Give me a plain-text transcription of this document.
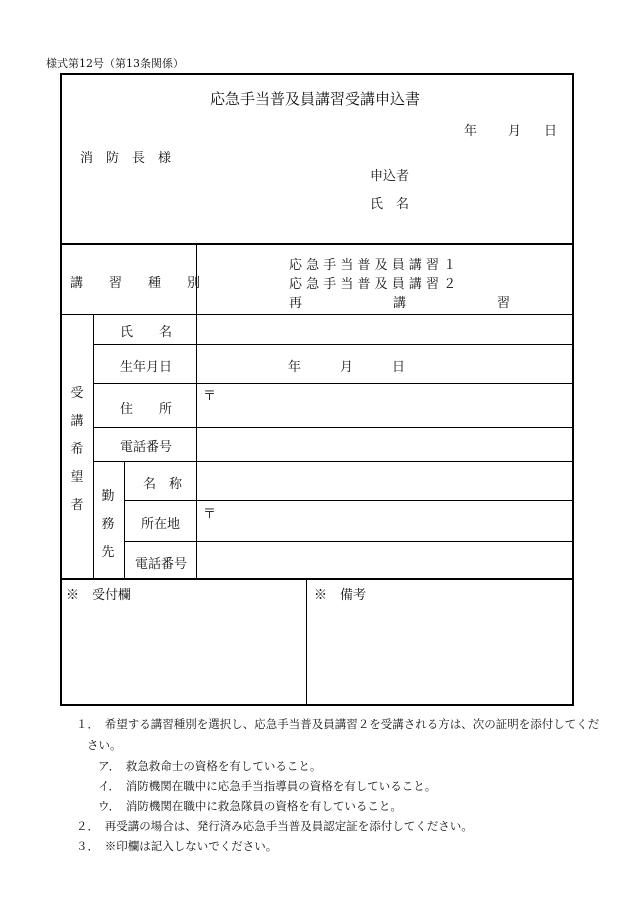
様式第12号（第13条関係）
応急手当普及員講習受講申込書
年 月 日
消　防　長　様
申込者
氏　名
講　　習　　種　　別
応 急 手 当 普 及 員 講 習 １
応 急 手 当 普 及 員 講 習 ２
再　　　　　　　講　　　　　　　習
受
講
希
望
者
氏　　名
生年月日	年　　　月　　　日
住　　所
〒
電話番号
勤
務
先
名　称
所在地
〒
電話番号
※　受付欄	※　備考
１．　希望する講習種別を選択し、応急手当普及員講習２を受講される方は、次の証明を添付してくだ
さい。
ア．　救急救命士の資格を有していること。
イ．　消防機関在職中に応急手当指導員の資格を有していること。
ウ．　消防機関在職中に救急隊員の資格を有していること。
２．　再受講の場合は、発行済み応急手当普及員認定証を添付してください。
３．　※印欄は記入しないでください。
